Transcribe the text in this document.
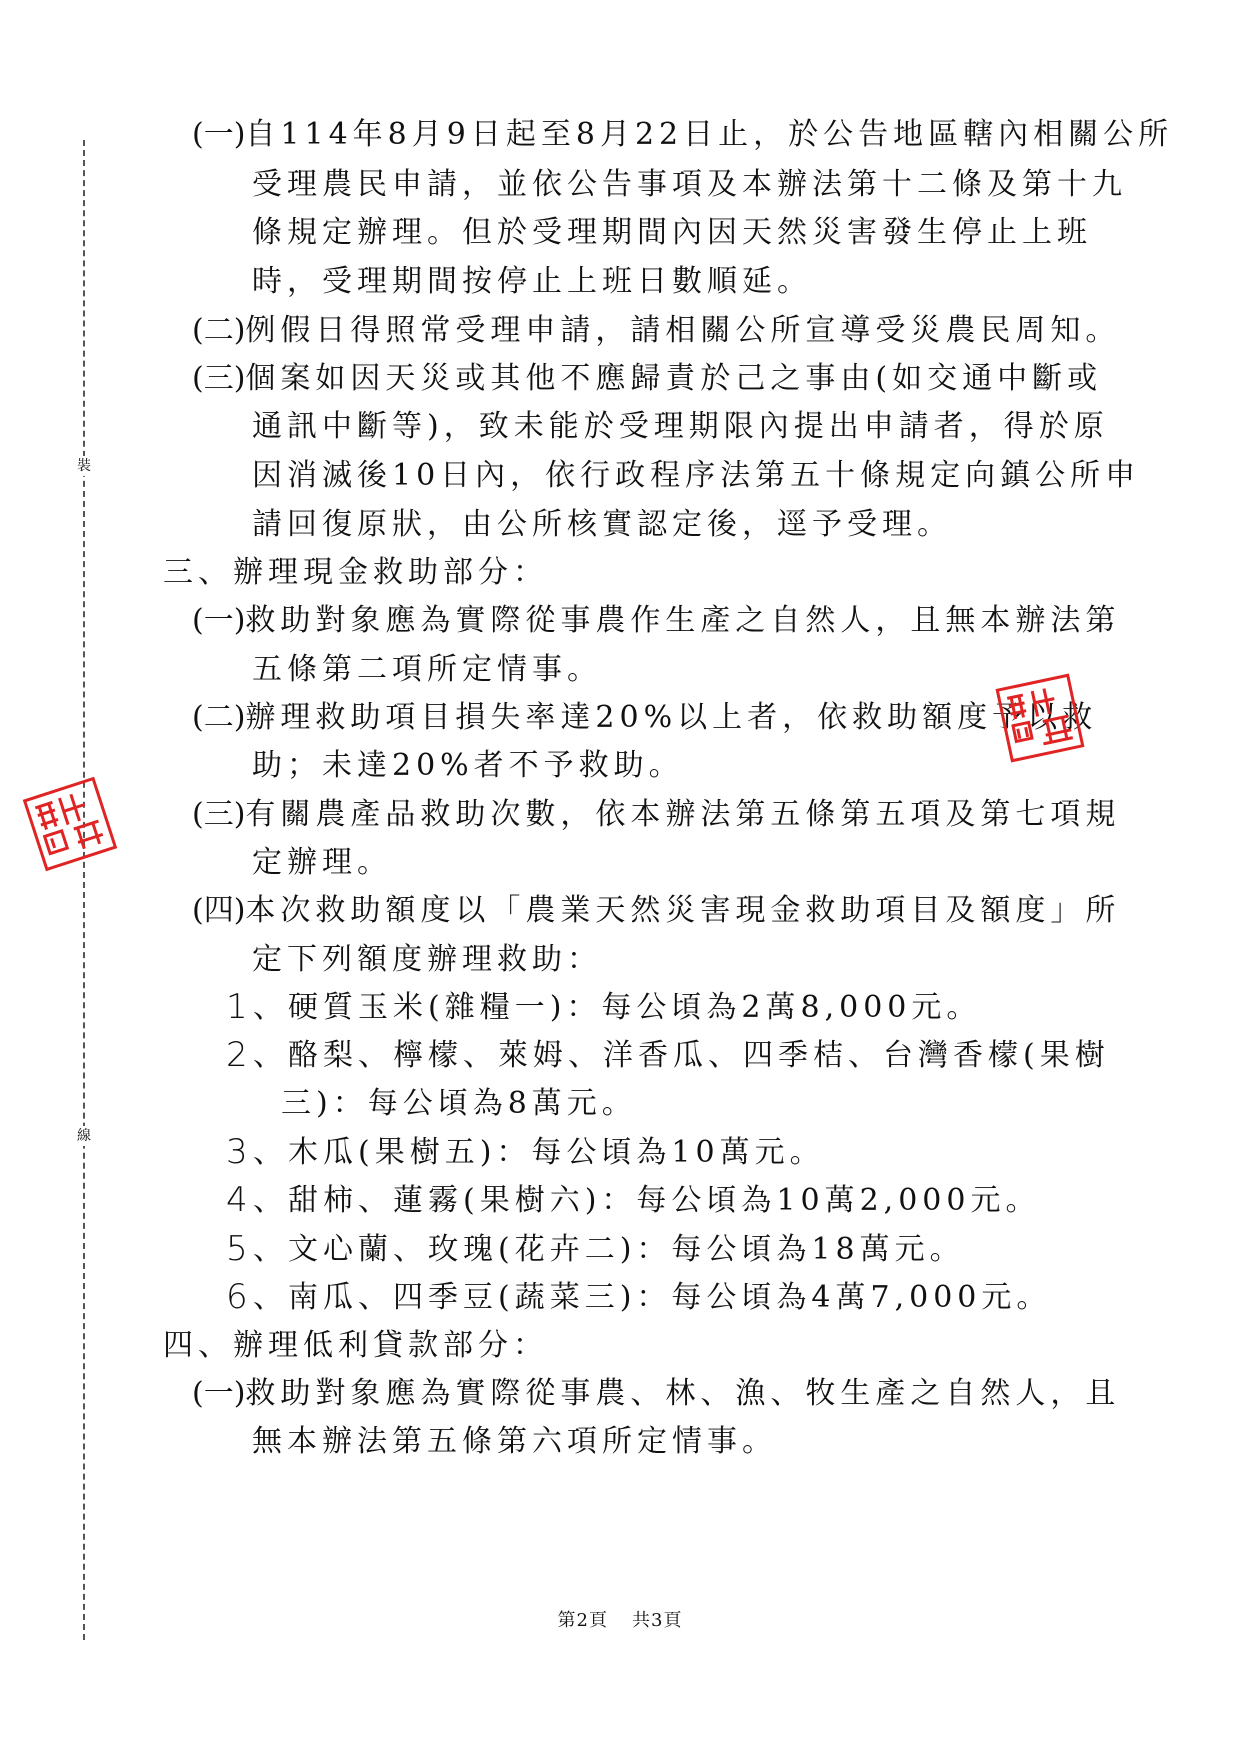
裝
線
(一)自114年8月9日起至8月22日止，於公告地區轄內相關公所
受理農民申請，並依公告事項及本辦法第十二條及第十九
條規定辦理。但於受理期間內因天然災害發生停止上班
時，受理期間按停止上班日數順延。
(二)例假日得照常受理申請，請相關公所宣導受災農民周知。
(三)個案如因天災或其他不應歸責於己之事由(如交通中斷或
通訊中斷等)，致未能於受理期限內提出申請者，得於原
因消滅後10日內，依行政程序法第五十條規定向鎮公所申
請回復原狀，由公所核實認定後，逕予受理。
三、辦理現金救助部分：
(一)救助對象應為實際從事農作生產之自然人，且無本辦法第
五條第二項所定情事。
(二)辦理救助項目損失率達20%以上者，依救助額度予以救
助；未達20%者不予救助。
(三)有關農產品救助次數，依本辦法第五條第五項及第七項規
定辦理。
(四)本次救助額度以「農業天然災害現金救助項目及額度」所
定下列額度辦理救助：
1 、硬質玉米(雜糧一)：每公頃為2萬8,000元。
2 、酪梨、檸檬、萊姆、洋香瓜、四季桔、台灣香檬(果樹
三)：每公頃為8萬元。
3 、木瓜(果樹五)：每公頃為10萬元。
4 、甜柿、蓮霧(果樹六)：每公頃為10萬2,000元。
5 、文心蘭、玫瑰(花卉二)：每公頃為18萬元。
6 、南瓜、四季豆(蔬菜三)：每公頃為4萬7,000元。
四、辦理低利貸款部分：
(一)救助對象應為實際從事農、林、漁、牧生產之自然人，且
無本辦法第五條第六項所定情事。
第2頁 共3頁
